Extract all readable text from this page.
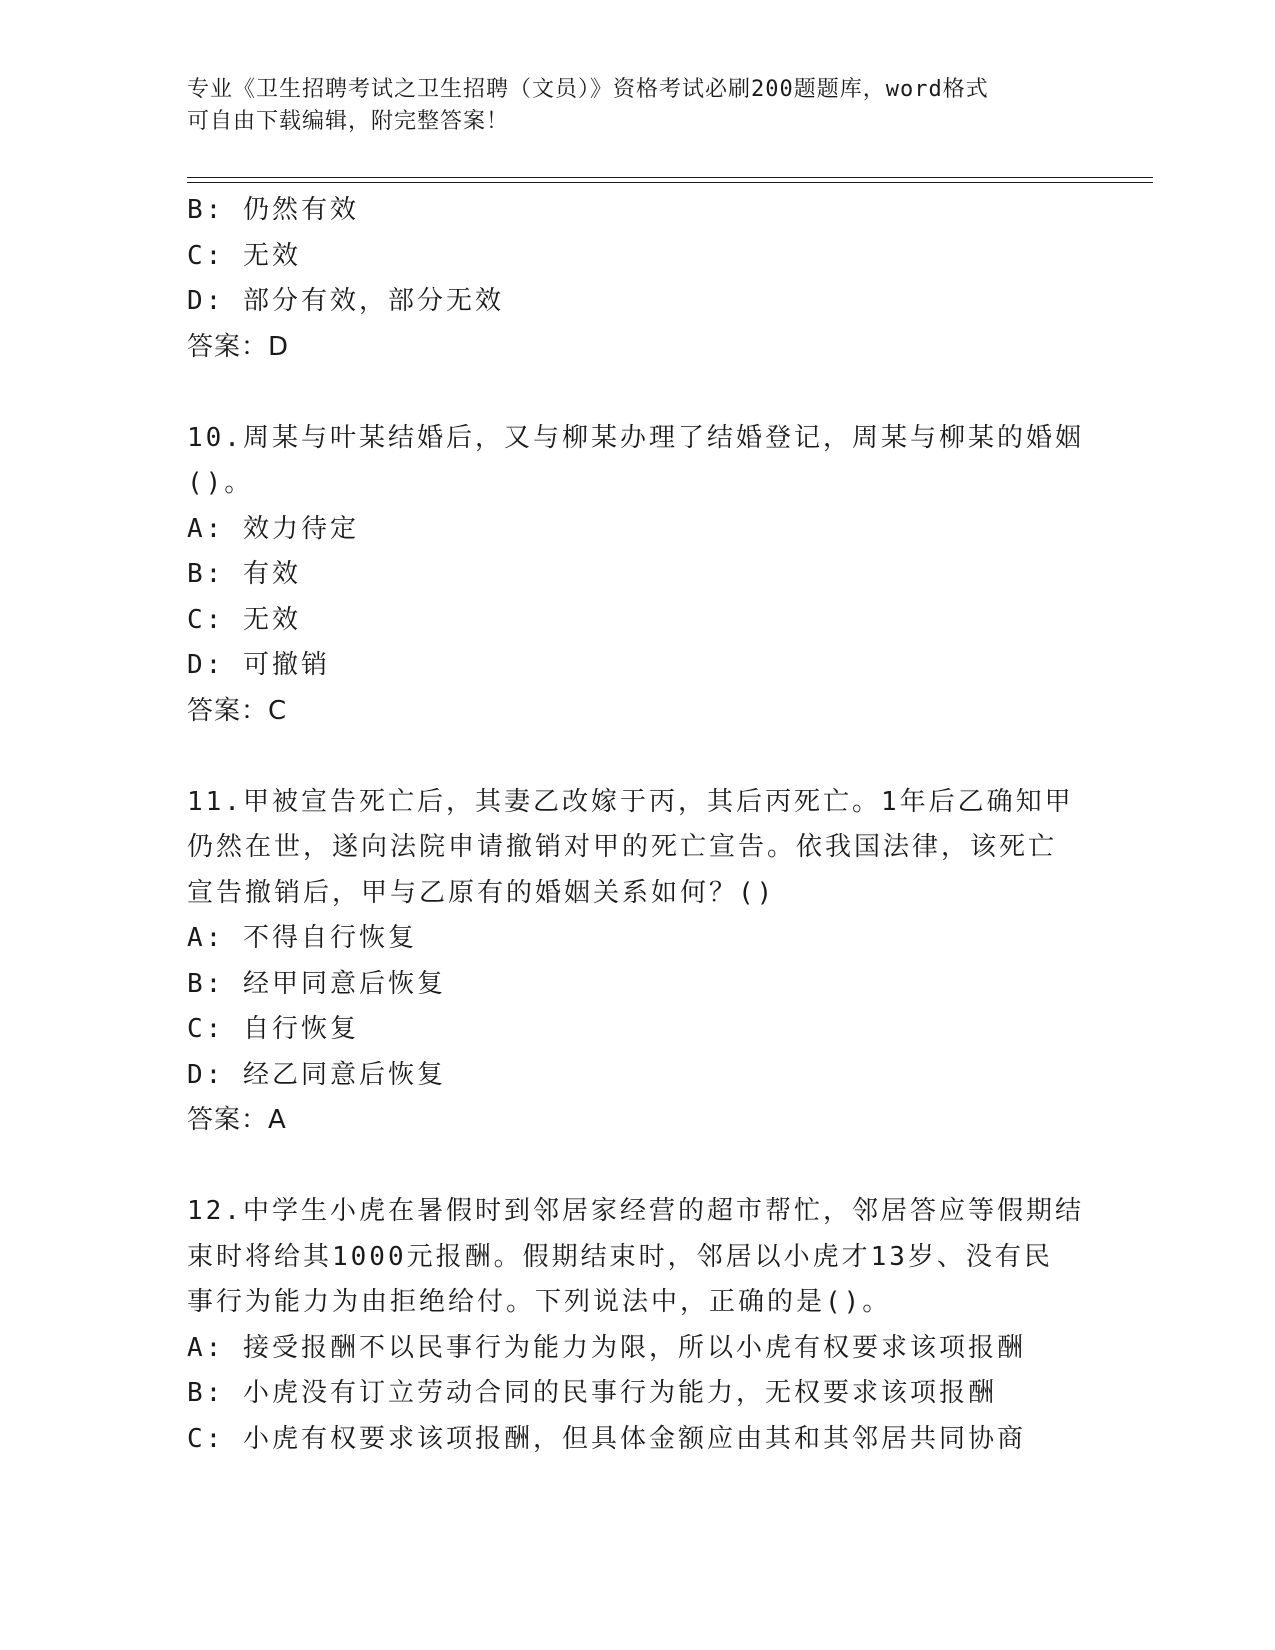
专业《卫生招聘考试之卫生招聘（文员）》资格考试必刷200题题库，word格式
可自由下载编辑，附完整答案！
B: 仍然有效
C: 无效
D: 部分有效，部分无效
答案：D
10.周某与叶某结婚后，又与柳某办理了结婚登记，周某与柳某的婚姻
()。
A: 效力待定
B: 有效
C: 无效
D: 可撤销
答案：C
11.甲被宣告死亡后，其妻乙改嫁于丙，其后丙死亡。1年后乙确知甲
仍然在世，遂向法院申请撤销对甲的死亡宣告。依我国法律，该死亡
宣告撤销后，甲与乙原有的婚姻关系如何？()
A: 不得自行恢复
B: 经甲同意后恢复
C: 自行恢复
D: 经乙同意后恢复
答案：A
12.中学生小虎在暑假时到邻居家经营的超市帮忙，邻居答应等假期结
束时将给其1000元报酬。假期结束时，邻居以小虎才13岁、没有民
事行为能力为由拒绝给付。下列说法中，正确的是()。
A: 接受报酬不以民事行为能力为限，所以小虎有权要求该项报酬
B: 小虎没有订立劳动合同的民事行为能力，无权要求该项报酬
C: 小虎有权要求该项报酬，但具体金额应由其和其邻居共同协商
